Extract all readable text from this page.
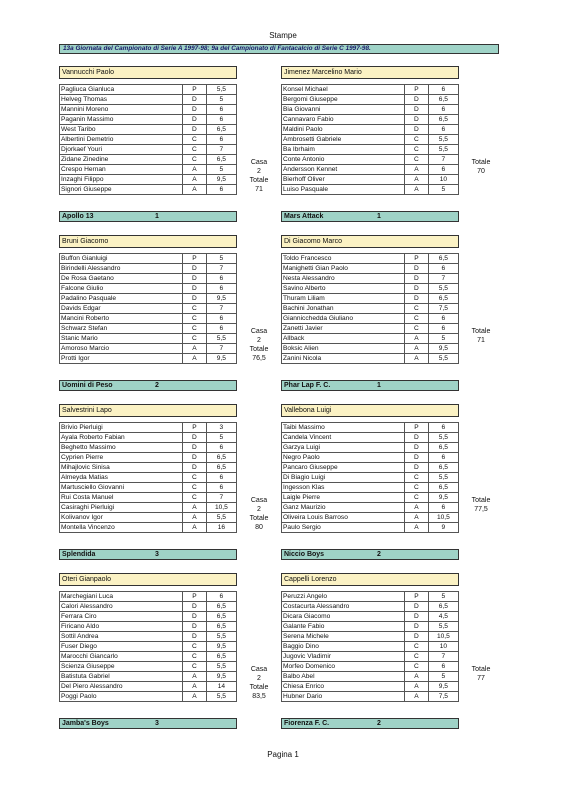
Stampe
13a Giornata del Campionato di Serie A 1997-98; 9a del Campionato di Fantacalcio di Serie C 1997-98.
Vannucchi Paolo
Pagliuca Gianluca	P	5,5
Helveg Thomas	D	5
Mannini Moreno	D	6
Paganin Massimo	D	6
West Taribo	D	6,5
Albertini Demetrio	C	6
Djorkaef Youri	C	7
Zidane Zinedine	C	6,5
Crespo Hernan	A	5
Inzaghi Filippo	A	9,5
Signori Giuseppe	A	6
Jimenez Marcelino Mario
Konsel Michael	P	6
Bergomi Giuseppe	D	6,5
Bia Giovanni	D	6
Cannavaro Fabio	D	6,5
Maldini Paolo	D	6
Ambrosetti Gabriele	C	5,5
Ba Ibrhaim	C	5,5
Conte Antonio	C	7
Andersson Kennet	A	6
Bierhoff Oliver	A	10
Luiso Pasquale	A	5
Casa
2
Totale
71
Totale
70
Apollo 13	1	Mars Attack	1
Bruni Giacomo
Buffon Gianluigi	P	5
Birindelli Alessandro	D	7
De Rosa Gaetano	D	6
Falcone Giulio	D	6
Padalino Pasquale	D	9,5
Davids Edgar	C	7
Mancini Roberto	C	6
Schwarz Stefan	C	6
Stanic Mario	C	5,5
Amoroso Marcio	A	7
Protti Igor	A	9,5
Di Giacomo Marco
Toldo Francesco	P	6,5
Manighetti Gian Paolo	D	6
Nesta Alessandro	D	7
Savino Alberto	D	5,5
Thuram Liliam	D	6,5
Bachini Jonathan	C	7,5
Giannicchedda Giuliano	C	6
Zanetti Javier	C	6
Allback	A	5
Boksic Alien	A	9,5
Zanini Nicola	A	5,5
Casa
2
Totale
76,5
Totale
71
Uomini di Peso	2	Phar Lap F. C.	1
Salvestrini Lapo
Brivio Pierluigi	P	3
Ayala Roberto Fabian	D	5
Beghetto Massimo	D	6
Cyprien Pierre	D	6,5
Mihajlovic Sinisa	D	6,5
Almeyda Matias	C	6
Martusciello Giovanni	C	6
Rui Costa Manuel	C	7
Casiraghi Pierluigi	A	10,5
Kolivanov Igor	A	5,5
Montella Vincenzo	A	16
Vallebona Luigi
Taibi Massimo	P	6
Candela Vincent	D	5,5
Garzya Luigi	D	6,5
Negro Paolo	D	6
Pancaro Giuseppe	D	6,5
Di Biagio Luigi	C	5,5
Ingesson Klas	C	6,5
Laigle Pierre	C	9,5
Ganz Maurizio	A	6
Oliveira Louis Barroso	A	10,5
Paulo Sergio	A	9
Casa
2
Totale
80
Totale
77,5
Splendida	3	Niccio Boys	2
Oteri Gianpaolo
Marchegiani Luca	P	6
Calori Alessandro	D	6,5
Ferrara Ciro	D	6,5
Firicano Aldo	D	6,5
Sottil Andrea	D	5,5
Fuser Diego	C	9,5
Marocchi Giancarlo	C	6,5
Scienza Giuseppe	C	5,5
Batistuta Gabriel	A	9,5
Del Piero Alessandro	A	14
Poggi Paolo	A	5,5
Cappelli Lorenzo
Peruzzi Angelo	P	5
Costacurta Alessandro	D	6,5
Dicara Giacomo	D	4,5
Galante Fabio	D	5,5
Serena Michele	D	10,5
Baggio Dino	C	10
Jugovic Vladimir	C	7
Morfeo Domenico	C	6
Balbo Abel	A	5
Chiesa Enrico	A	9,5
Hubner Dario	A	7,5
Casa
2
Totale
83,5
Totale
77
Jamba's Boys	3	Fiorenza F. C.	2
Pagina 1
